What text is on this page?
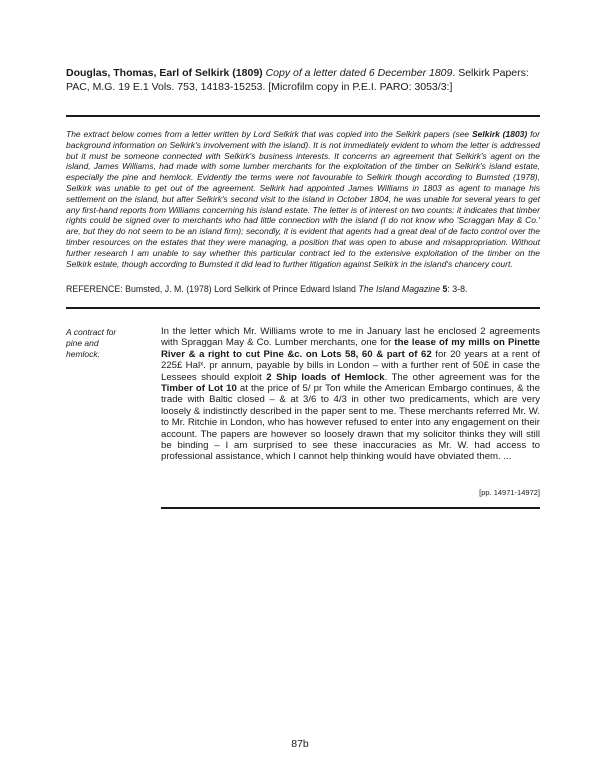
Douglas, Thomas, Earl of Selkirk (1809) Copy of a letter dated 6 December 1809. Selkirk Papers: PAC, M.G. 19 E.1 Vols. 753, 14183-15253. [Microfilm copy in P.E.I. PARO: 3053/3:]
The extract below comes from a letter written by Lord Selkirk that was copied into the Selkirk papers (see Selkirk (1803) for background information on Selkirk's involvement with the island). It is not immediately evident to whom the letter is addressed but it must be someone connected with Selkirk's business interests. It concerns an agreement that Selkirk's agent on the island, James Williams, had made with some lumber merchants for the exploitation of the timber on Selkirk's island estate, especially the pine and hemlock. Evidently the terms were not favourable to Selkirk though according to Bumsted (1978), Selkirk was unable to get out of the agreement. Selkirk had appointed James Williams in 1803 as agent to manage his settlement on the island, but after Selkirk's second visit to the island in October 1804, he was unable for several years to get any first-hand reports from Williams concerning his island estate. The letter is of interest on two counts: it indicates that timber rights could be signed over to merchants who had little connection with the island (I do not know who 'Scraggan May & Co.' are, but they do not seem to be an island firm); secondly, it is evident that agents had a great deal of de facto control over the timber resources on the estates that they were managing, a position that was open to abuse and misappropriation. Without further research I am unable to say whether this particular contract led to the extensive exploitation of the timber on the Selkirk estate, though according to Bumsted it did lead to further litigation against Selkirk in the island's chancery court.
REFERENCE: Bumsted, J. M. (1978) Lord Selkirk of Prince Edward Island The Island Magazine 5: 3-8.
A contract for pine and hemlock.
In the letter which Mr. Williams wrote to me in January last he enclosed 2 agreements with Spraggan May & Co. Lumber merchants, one for the lease of my mills on Pinette River & a right to cut Pine &c. on Lots 58, 60 & part of 62 for 20 years at a rent of 225£ Halˣ. pr annum, payable by bills in London – with a further rent of 50£ in case the Lessees should exploit 2 Ship loads of Hemlock. The other agreement was for the Timber of Lot 10 at the price of 5/ pr Ton while the American Embargo continues, & the trade with Baltic closed – & at 3/6 to 4/3 in other two predicaments, which are very loosely & indistinctly described in the paper sent to me. These merchants referred Mr. W. to Mr. Ritchie in London, who has however refused to enter into any engagement on their account. The papers are however so loosely drawn that my solicitor thinks they will still be binding – I am surprised to see these inaccuracies as Mr. W. had access to professional assistance, which I cannot help thinking would have obviated them. ...
[pp. 14971-14972]
87b
